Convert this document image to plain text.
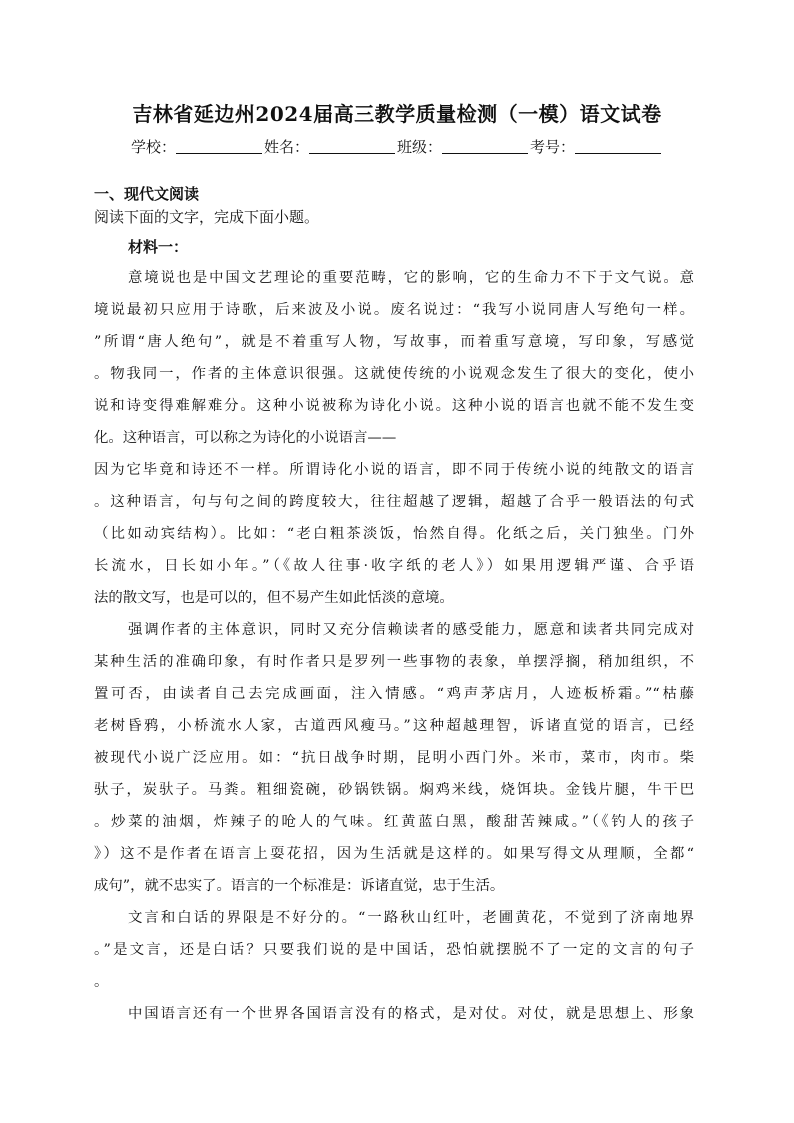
吉林省延边州2024届高三教学质量检测（一模）语文试卷
学校：	姓名：	班级：	考号：
一、现代文阅读
阅读下面的文字，完成下面小题。
材料一：
意境说也是中国文艺理论的重要范畴，它的影响，它的生命力不下于文气说。意
境说最初只应用于诗歌，后来波及小说。废名说过：“我写小说同唐人写绝句一样。
”所谓“唐人绝句”，就是不着重写人物，写故事，而着重写意境，写印象，写感觉
。物我同一，作者的主体意识很强。这就使传统的小说观念发生了很大的变化，使小
说和诗变得难解难分。这种小说被称为诗化小说。这种小说的语言也就不能不发生变
化。这种语言，可以称之为诗化的小说语言——
因为它毕竟和诗还不一样。所谓诗化小说的语言，即不同于传统小说的纯散文的语言
。这种语言，句与句之间的跨度较大，往往超越了逻辑，超越了合乎一般语法的句式
（比如动宾结构）。比如：“老白粗茶淡饭，怡然自得。化纸之后，关门独坐。门外
长流水，日长如小年。”（《故人往事·收字纸的老人》）如果用逻辑严谨、合乎语
法的散文写，也是可以的，但不易产生如此恬淡的意境。
强调作者的主体意识，同时又充分信赖读者的感受能力，愿意和读者共同完成对
某种生活的准确印象，有时作者只是罗列一些事物的表象，单摆浮搁，稍加组织，不
置可否，由读者自己去完成画面，注入情感。“鸡声茅店月，人迹板桥霜。”“枯藤
老树昏鸦，小桥流水人家，古道西风瘦马。”这种超越理智，诉诸直觉的语言，已经
被现代小说广泛应用。如：“抗日战争时期，昆明小西门外。米市，菜市，肉市。柴
驮子，炭驮子。马粪。粗细瓷碗，砂锅铁锅。焖鸡米线，烧饵块。金钱片腿，牛干巴
。炒菜的油烟，炸辣子的呛人的气味。红黄蓝白黑，酸甜苦辣咸。”（《钓人的孩子
》）这不是作者在语言上耍花招，因为生活就是这样的。如果写得文从理顺，全都“
成句”，就不忠实了。语言的一个标准是：诉诸直觉，忠于生活。
文言和白话的界限是不好分的。“一路秋山红叶，老圃黄花，不觉到了济南地界
。”是文言，还是白话？只要我们说的是中国话，恐怕就摆脱不了一定的文言的句子
。
中国语言还有一个世界各国语言没有的格式，是对仗。对仗，就是思想上、形象
